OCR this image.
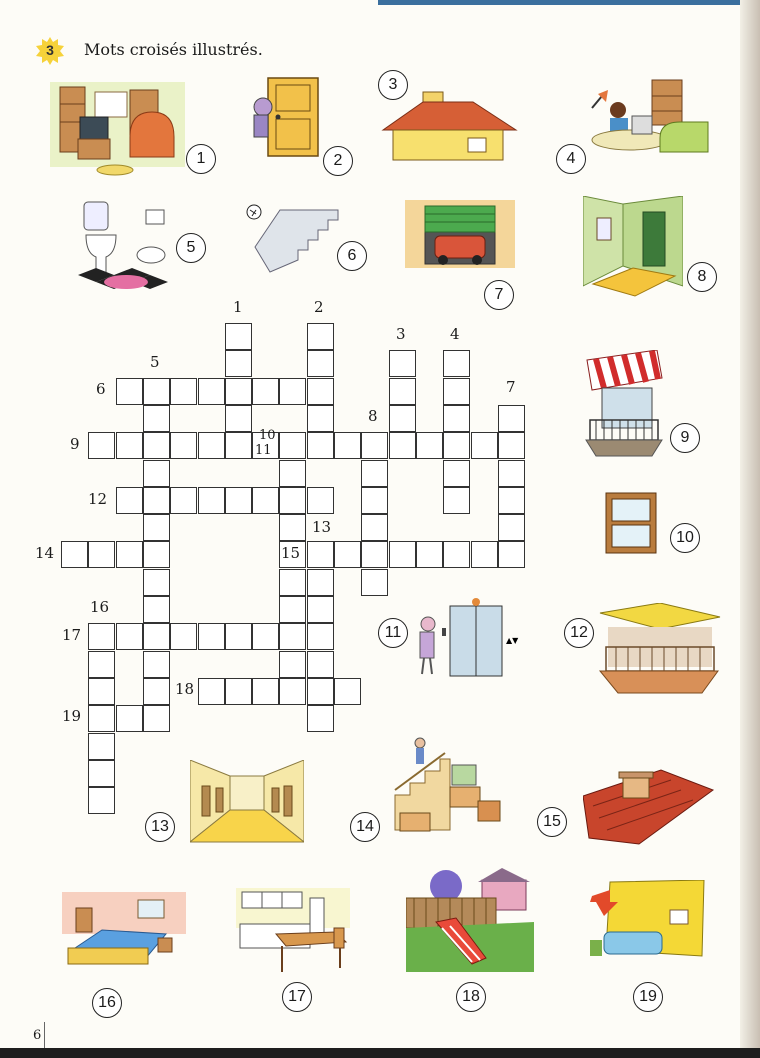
3	Mots croisés illustrés.
1	2
3
4
5	6
7
8
9
10
▲▼
11	12
13	14	15
16	17	18	19
1	2
3	4
5
6	7
8
9	10
11
12
13
14	15
16
17
18
19
6
